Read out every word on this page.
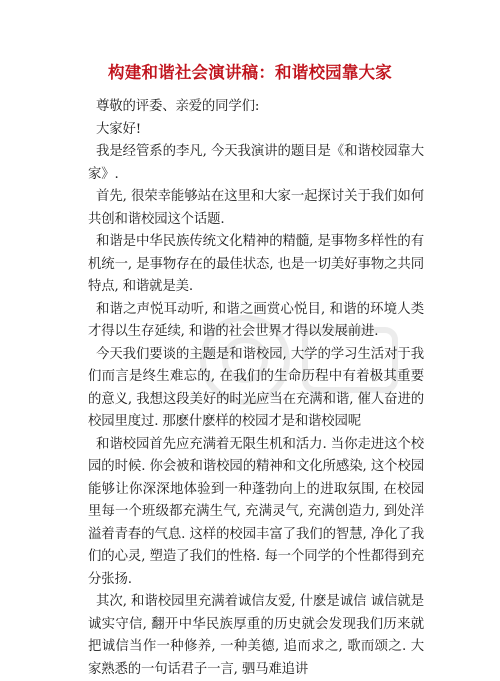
构建和谐社会演讲稿：和谐校园靠大家

尊敬的评委、亲爱的同学们:

大家好!

我是经管系的李凡, 今天我演讲的题目是《和谐校园靠大家》.

首先, 很荣幸能够站在这里和大家一起探讨关于我们如何共创和谐校园这个话题.

和谐是中华民族传统文化精神的精髓, 是事物多样性的有机统一, 是事物存在的最佳状态, 也是一切美好事物之共同特点, 和谐就是美.

和谐之声悦耳动听, 和谐之画赏心悦目, 和谐的环境人类才得以生存延续, 和谐的社会世界才得以发展前进.

今天我们要谈的主题是和谐校园, 大学的学习生活对于我们而言是终生难忘的, 在我们的生命历程中有着极其重要的意义, 我想这段美好的时光应当在充满和谐, 催人奋进的校园里度过. 那麽什麽样的校园才是和谐校园呢

和谐校园首先应充满着无限生机和活力. 当你走进这个校园的时候. 你会被和谐校园的精神和文化所感染, 这个校园能够让你深深地体验到一种蓬勃向上的进取氛围, 在校园里每一个班级都充满生气, 充满灵气, 充满创造力, 到处洋溢着青春的气息. 这样的校园丰富了我们的智慧, 净化了我们的心灵, 塑造了我们的性格. 每一个同学的个性都得到充分张扬.

其次, 和谐校园里充满着诚信友爱, 什麽是诚信 诚信就是诚实守信, 翻开中华民族厚重的历史就会发现我们历来就把诚信当作一种修养, 一种美德, 追而求之, 歌而颂之. 大家熟悉的一句话君子一言, 驷马难追讲
